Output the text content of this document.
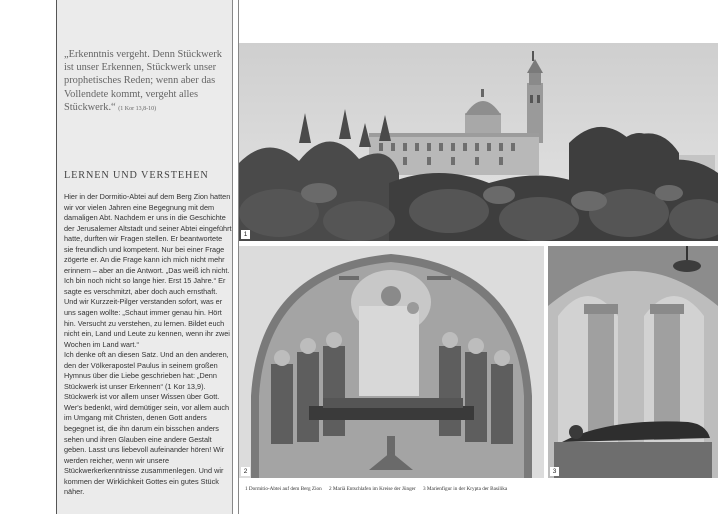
„Erkenntnis vergeht. Denn Stückwerk ist unser Erkennen, Stückwerk unser prophetisches Reden; wenn aber das Vollendete kommt, vergeht alles Stückwerk.“ (1 Kor 13,8-10)
LERNEN UND VERSTEHEN

Hier in der Dormitio-Abtei auf dem Berg Zion hatten wir vor vielen Jahren eine Begegnung mit dem damaligen Abt. Nachdem er uns in die Geschichte der Jerusalemer Altstadt und seiner Abtei eingeführt hatte, durften wir Fragen stellen. Er beantwortete sie freundlich und kompetent. Nur bei einer Frage zögerte er. An die Frage kann ich mich nicht mehr erinnern – aber an die Antwort. „Das weiß ich nicht. Ich bin noch nicht so lange hier. Erst 15 Jahre.“ Er sagte es verschmitzt, aber doch auch ernsthaft. Und wir Kurzzeit-Pilger verstanden sofort, was er uns sagen wollte: „Schaut immer genau hin. Hört hin. Versucht zu verstehen, zu lernen. Bildet euch nicht ein, Land und Leute zu kennen, wenn ihr zwei Wochen im Land wart.“

Ich denke oft an diesen Satz. Und an den anderen, den der Völkerapostel Paulus in seinem großen Hymnus über die Liebe geschrieben hat: „Denn Stückwerk ist unser Erkennen“ (1 Kor 13,9). Stückwerk ist vor allem unser Wissen über Gott. Wer's bedenkt, wird demütiger sein, vor allem auch im Umgang mit Christen, denen Gott anders begegnet ist, die ihn darum ein bisschen anders sehen und ihren Glauben eine andere Gestalt geben. Lasst uns liebevoll aufeinander hören! Wir werden reicher, wenn wir unsere Stückwerkerkenntnisse zusammenlegen. Und wir kommen der Wirklichkeit Gottes ein gutes Stück näher.

1
2	3
1 Dormitio-Abtei auf dem Berg Zion 2 Mariä Entschlafen im Kreise der Jünger 3 Marienfigur in der Krypta der Basilika
